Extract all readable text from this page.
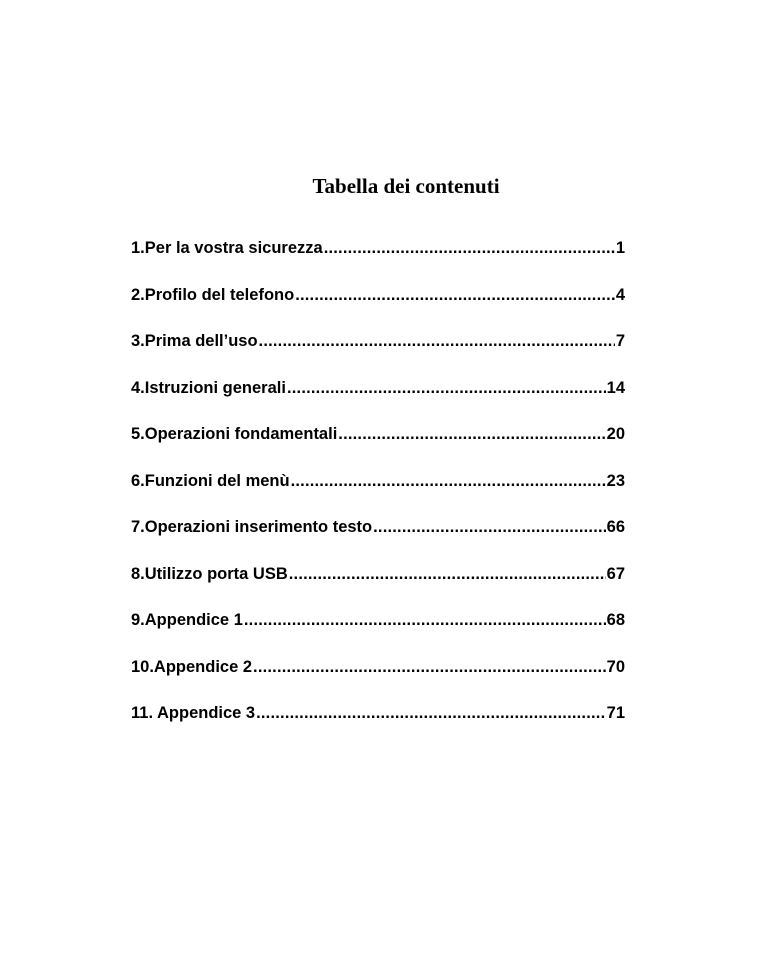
Tabella dei contenuti
1.Per la vostra sicurezza .....	1
2.Profilo del telefono .....	4
3.Prima dell’uso .....	7
4.Istruzioni generali .....	14
5.Operazioni fondamentali .....	20
6.Funzioni del menù .....	23
7.Operazioni inserimento testo .....	66
8.Utilizzo porta USB .....	67
9.Appendice 1 .....	68
10.Appendice 2 .....	70
11. Appendice 3 .....	71
